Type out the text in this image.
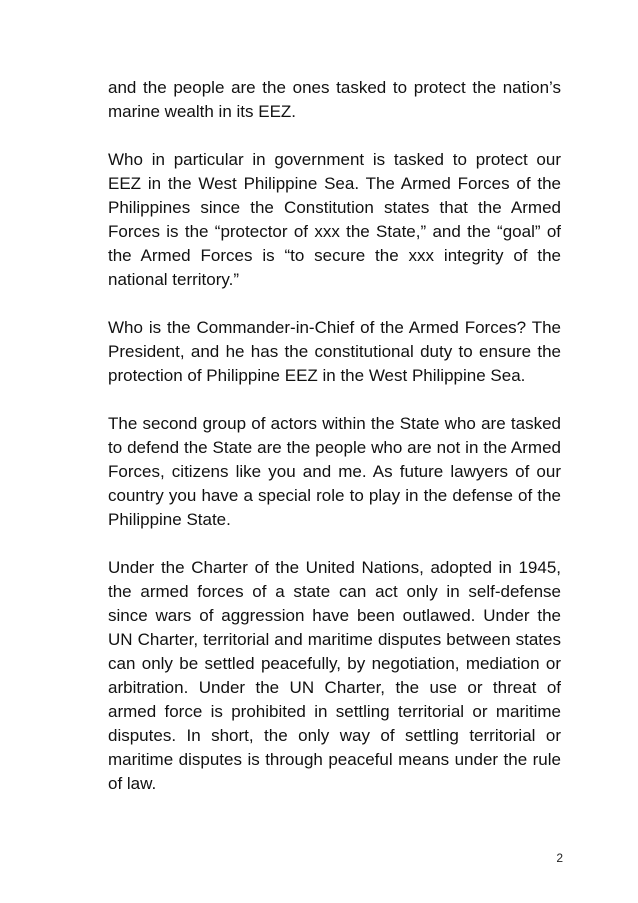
and the people are the ones tasked to protect the nation’s marine wealth in its EEZ.

Who in particular in government is tasked to protect our EEZ in the West Philippine Sea. The Armed Forces of the Philippines since the Constitution states that the Armed Forces is the “protector of xxx the State,” and the “goal” of the Armed Forces is “to secure the xxx integrity of the national territory.”

Who is the Commander-in-Chief of the Armed Forces? The President, and he has the constitutional duty to ensure the protection of Philippine EEZ in the West Philippine Sea.

The second group of actors within the State who are tasked to defend the State are the people who are not in the Armed Forces, citizens like you and me. As future lawyers of our country you have a special role to play in the defense of the Philippine State.

Under the Charter of the United Nations, adopted in 1945, the armed forces of a state can act only in self-defense since wars of aggression have been outlawed. Under the UN Charter, territorial and maritime disputes between states can only be settled peacefully, by negotiation, mediation or arbitration. Under the UN Charter, the use or threat of armed force is prohibited in settling territorial or maritime disputes. In short, the only way of settling territorial or maritime disputes is through peaceful means under the rule of law.

2
